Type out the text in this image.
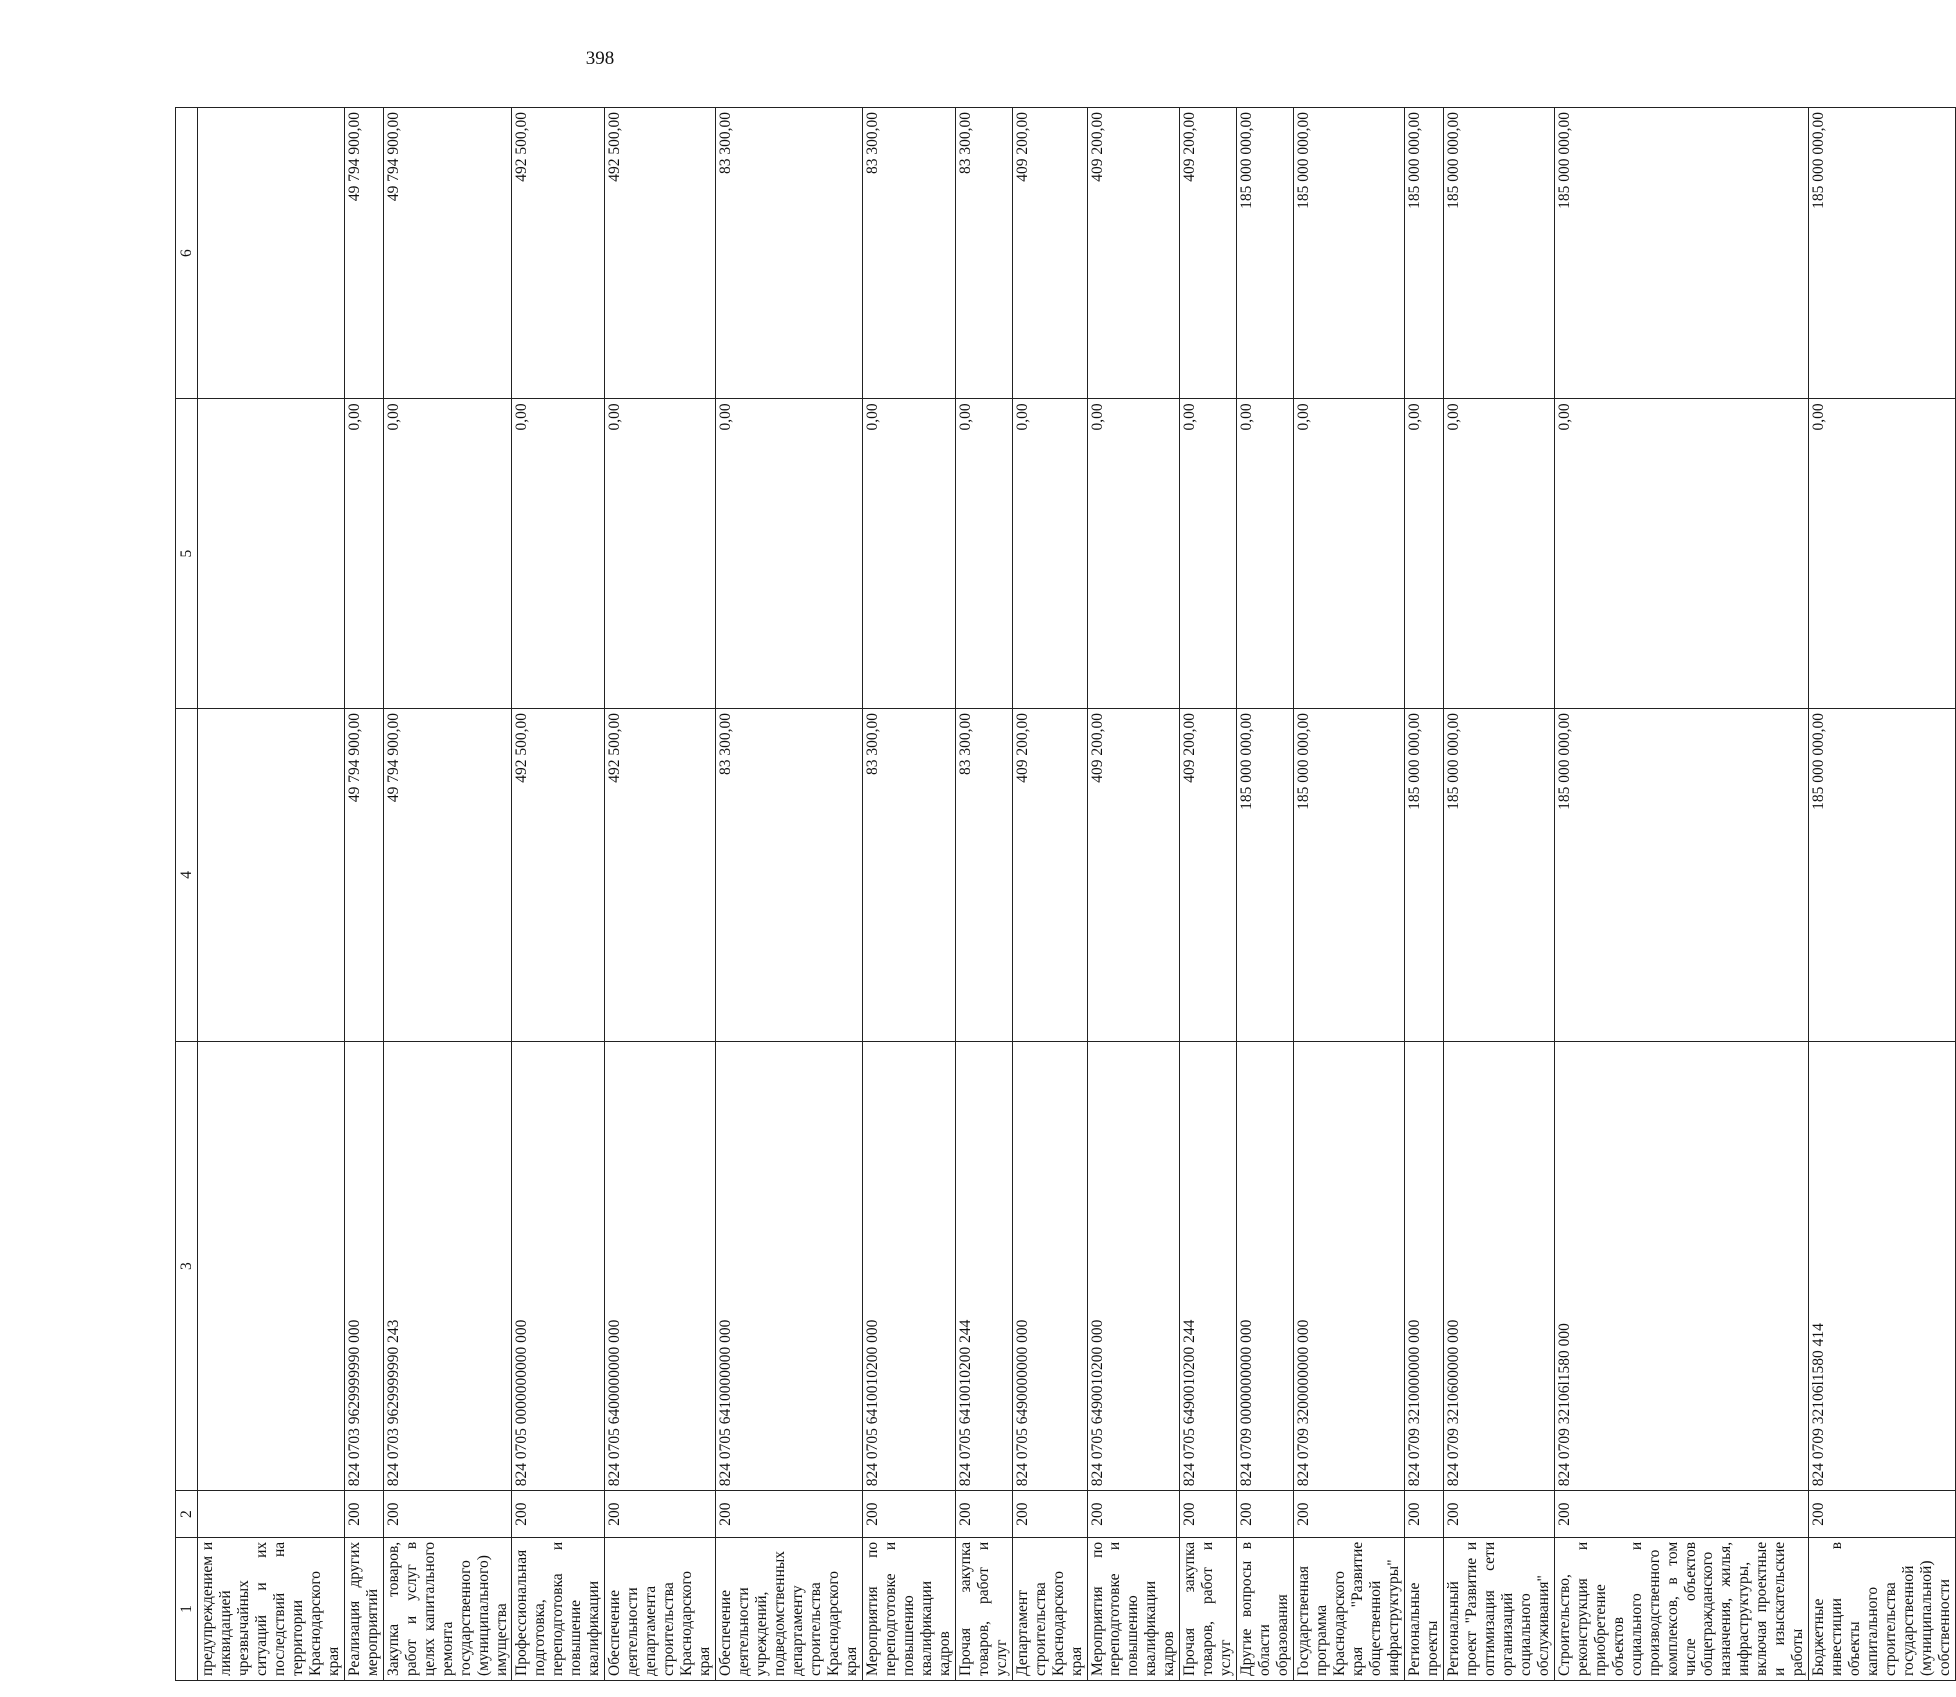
398
1	2	3	4	5	6
предупреждением и ликвидацией чрезвычайных ситуаций и их последствий на территории Краснодарского края					
Реализация других мероприятий	200	824 0703 9629999990 000	49 794 900,00	0,00	49 794 900,00
Закупка товаров, работ и услуг в целях капитального ремонта государственного (муниципального) имущества	200	824 0703 9629999990 243	49 794 900,00	0,00	49 794 900,00
Профессиональная подготовка, переподготовка и повышение квалификации	200	824 0705 0000000000 000	492 500,00	0,00	492 500,00
Обеспечение деятельности департамента строительства Краснодарского края	200	824 0705 6400000000 000	492 500,00	0,00	492 500,00
Обеспечение деятельности учреждений, подведомственных департаменту строительства Краснодарского края	200	824 0705 6410000000 000	83 300,00	0,00	83 300,00
Мероприятия по переподготовке и повышению квалификации кадров	200	824 0705 6410010200 000	83 300,00	0,00	83 300,00
Прочая закупка товаров, работ и услуг	200	824 0705 6410010200 244	83 300,00	0,00	83 300,00
Департамент строительства Краснодарского края	200	824 0705 6490000000 000	409 200,00	0,00	409 200,00
Мероприятия по переподготовке и повышению квалификации кадров	200	824 0705 6490010200 000	409 200,00	0,00	409 200,00
Прочая закупка товаров, работ и услуг	200	824 0705 6490010200 244	409 200,00	0,00	409 200,00
Другие вопросы в области образования	200	824 0709 0000000000 000	185 000 000,00	0,00	185 000 000,00
Государственная программа Краснодарского края "Развитие общественной инфраструктуры"	200	824 0709 3200000000 000	185 000 000,00	0,00	185 000 000,00
Региональные проекты	200	824 0709 3210000000 000	185 000 000,00	0,00	185 000 000,00
Региональный проект "Развитие и оптимизация сети организаций социального обслуживания"	200	824 0709 3210600000 000	185 000 000,00	0,00	185 000 000,00
Строительство, реконструкция и приобретение объектов социального и производственного комплексов, в том числе объектов общегражданского назначения, жилья, инфраструктуры, включая проектные и изыскательские работы	200	824 0709 32106l1580 000	185 000 000,00	0,00	185 000 000,00
Бюджетные инвестиции в объекты капитального строительства государственной (муниципальной) собственности	200	824 0709 32106l1580 414	185 000 000,00	0,00	185 000 000,00
